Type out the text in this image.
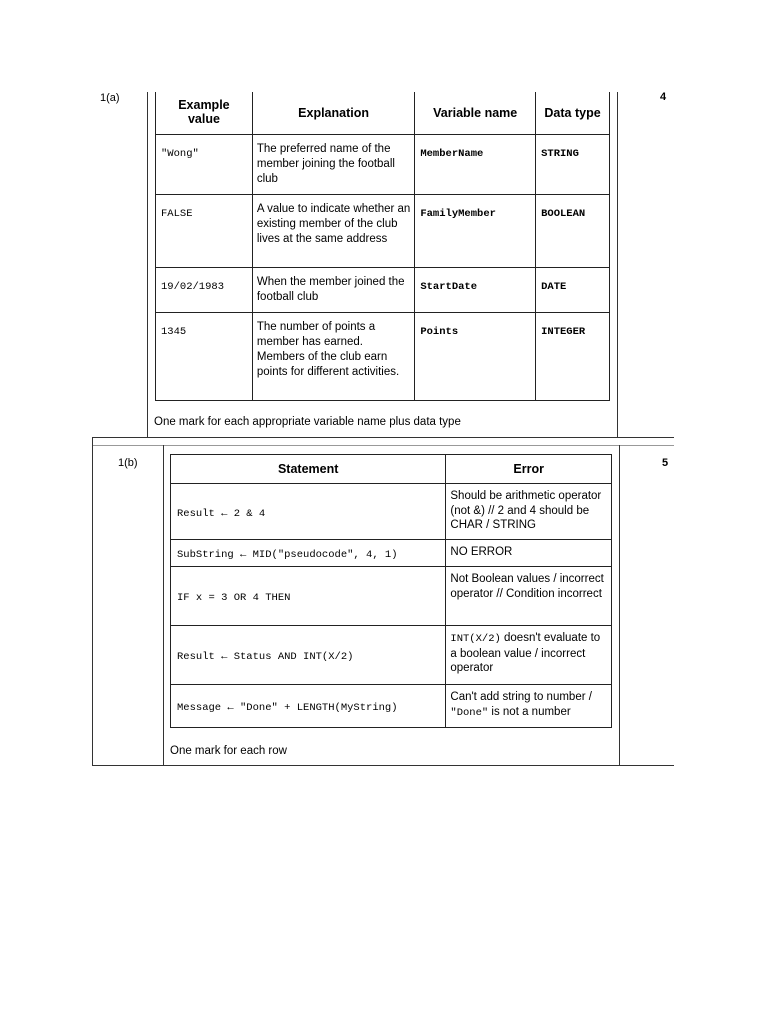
1(a)	4
1(b)	5
Example value	Explanation	Variable name	Data type
"Wong"	The preferred name of the member joining the football club	MemberName	STRING
FALSE	A value to indicate whether an existing member of the club lives at the same address	FamilyMember	BOOLEAN
19/02/1983	When the member joined the football club	StartDate	DATE
1345	The number of points a member has earned. Members of the club earn points for different activities.	Points	INTEGER
One mark for each appropriate variable name plus data type
Statement	Error
Result ← 2 & 4	Should be arithmetic operator (not &) // 2 and 4 should be CHAR / STRING

SubString ← MID("pseudocode", 4, 1)	NO ERROR

IF x = 3 OR 4 THEN	Not Boolean values / incorrect operator // Condition incorrect

Result ← Status AND INT(X/2)	INT(X/2) doesn't evaluate to a boolean value / incorrect operator

Message ← "Done" + LENGTH(MyString)	Can't add string to number / "Done" is not a number
One mark for each row
